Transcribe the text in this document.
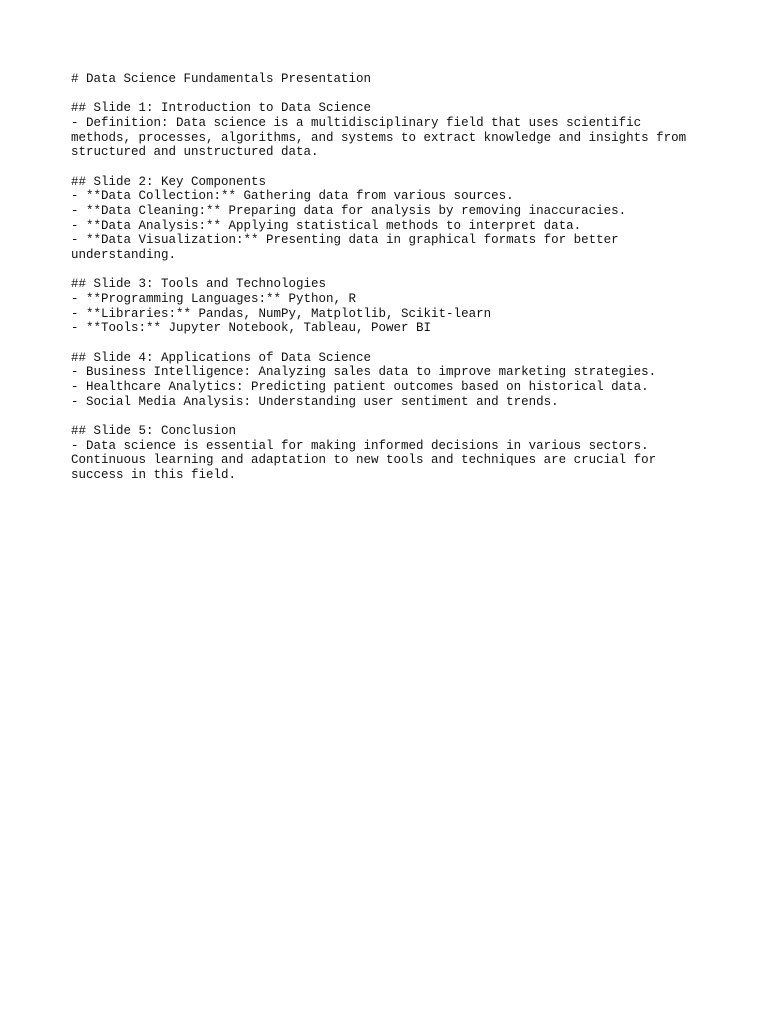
# Data Science Fundamentals Presentation
## Slide 1: Introduction to Data Science
- Definition: Data science is a multidisciplinary field that uses scientific
methods, processes, algorithms, and systems to extract knowledge and insights from
structured and unstructured data.
## Slide 2: Key Components
- **Data Collection:** Gathering data from various sources.
- **Data Cleaning:** Preparing data for analysis by removing inaccuracies.
- **Data Analysis:** Applying statistical methods to interpret data.
- **Data Visualization:** Presenting data in graphical formats for better
understanding.
## Slide 3: Tools and Technologies
- **Programming Languages:** Python, R
- **Libraries:** Pandas, NumPy, Matplotlib, Scikit-learn
- **Tools:** Jupyter Notebook, Tableau, Power BI
## Slide 4: Applications of Data Science
- Business Intelligence: Analyzing sales data to improve marketing strategies.
- Healthcare Analytics: Predicting patient outcomes based on historical data.
- Social Media Analysis: Understanding user sentiment and trends.
## Slide 5: Conclusion
- Data science is essential for making informed decisions in various sectors.
Continuous learning and adaptation to new tools and techniques are crucial for
success in this field.
